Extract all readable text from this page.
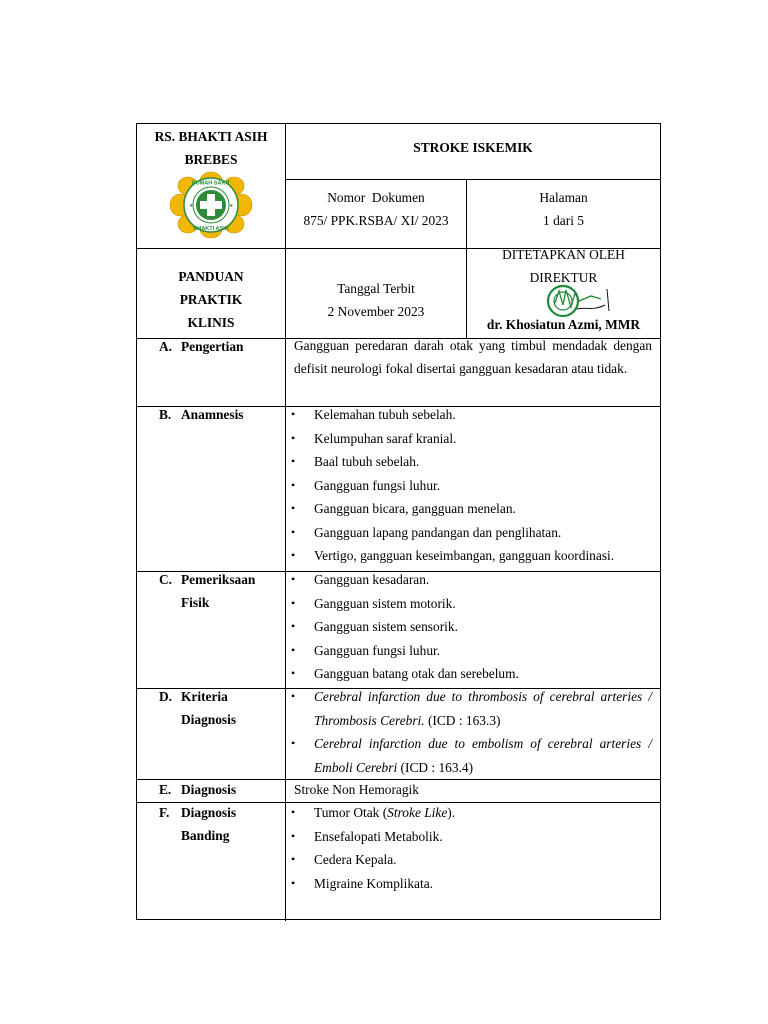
RS. BHAKTI ASIH
BREBES
RUMAH SAKIT
BHAKTI ASIH
★	★
STROKE ISKEMIK
Nomor  Dokumen
875/ PPK.RSBA/ XI/ 2023
Halaman
1 dari 5
PANDUAN
PRAKTIK
KLINIS
Tanggal Terbit
2 November 2023
DITETAPKAN OLEH
DIREKTUR
dr. Khosiatun Azmi, MMR
A. Pengertian	Gangguan peredaran darah otak yang timbul mendadak dengan defisit neurologi fokal disertai gangguan kesadaran atau tidak.
B. Anamnesis
•	Kelemahan tubuh sebelah.
• Kelumpuhan saraf kranial.
• Baal tubuh sebelah.
• Gangguan fungsi luhur.
• Gangguan bicara, gangguan menelan.
• Gangguan lapang pandangan dan penglihatan.
• Vertigo, gangguan keseimbangan, gangguan koordinasi.
C. Pemeriksaan
Fisik
• Gangguan kesadaran.
• Gangguan sistem motorik.
• Gangguan sistem sensorik.
• Gangguan fungsi luhur.
• Gangguan batang otak dan serebelum.
D. Kriteria
Diagnosis
• Cerebral infarction due to thrombosis of cerebral arteries / Thrombosis Cerebri. (ICD : 163.3)
• Cerebral infarction due to embolism of cerebral arteries / Emboli Cerebri (ICD : 163.4)
E. Diagnosis	Stroke Non Hemoragik
F. Diagnosis
Banding
• Tumor Otak (Stroke Like).
• Ensefalopati Metabolik.
• Cedera Kepala.
• Migraine Komplikata.
